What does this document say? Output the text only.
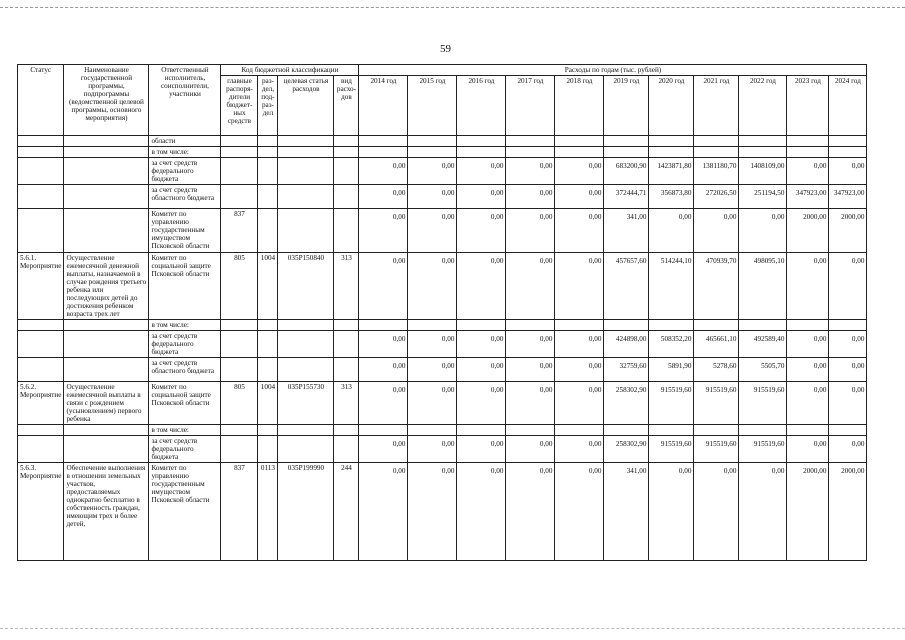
59
Статус	Наименование государственной программы, подпрограммы (ведомственной целевой программы, основного мероприятия)	Ответственный исполнитель, соисполнители, участники	Код бюджетной классификации				Расходы по годам (тыс. рублей)										
			главные распоря-дители бюджет-ных средств	раз-дел, под-раз-дел	целевая статья расходов	вид расхо-дов	2014 год	2015 год	2016 год	2017 год	2018 год	2019 год	2020 год	2021 год	2022 год	2023 год	2024 год
		области															
		в том числе:															
		за счет средств федерального бюджета					0,00	0,00	0,00	0,00	0,00	683200,90	1423871,80	1381180,70	1408109,00	0,00	0,00
		за счет средств областного бюджета					0,00	0,00	0,00	0,00	0,00	372444,71	356873,80	272026,50	251194,50	347923,00	347923,00
		Комитет по управлению государственным имуществом Псковской области	837				0,00	0,00	0,00	0,00	0,00	341,00	0,00	0,00	0,00	2000,00	2000,00
5.6.1. Мероприятие	Осуществление ежемесячной денежной выплаты, назначаемой в случае рождения третьего ребенка или последующих детей до достижения ребенком возраста трех лет	Комитет по социальной защите Псковской области	805	1004	035P150840	313	0,00	0,00	0,00	0,00	0,00	457657,60	514244,10	470939,70	498095,10	0,00	0,00
		в том числе:															
		за счет средств федерального бюджета					0,00	0,00	0,00	0,00	0,00	424898,00	508352,20	465661,10	492589,40	0,00	0,00
		за счет средств областного бюджета					0,00	0,00	0,00	0,00	0,00	32759,60	5891,90	5278,60	5505,70	0,00	0,00
5.6.2. Мероприятие	Осуществление ежемесячной выплаты в связи с рождением (усыновлением) первого ребенка	Комитет по социальной защите Псковской области	805	1004	035P155730	313	0,00	0,00	0,00	0,00	0,00	258302,90	915519,60	915519,60	915519,60	0,00	0,00
		в том числе:															
		за счет средств федерального бюджета					0,00	0,00	0,00	0,00	0,00	258302,90	915519,60	915519,60	915519,60	0,00	0,00
5.6.3. Мероприятие	Обеспечение выполнения в отношении земельных участков, предоставляемых однократно бесплатно в собственность граждан, имеющим трех и более детей,	Комитет по управлению государственным имуществом Псковской области	837	0113	035P199990	244	0,00	0,00	0,00	0,00	0,00	341,00	0,00	0,00	0,00	2000,00	2000,00
